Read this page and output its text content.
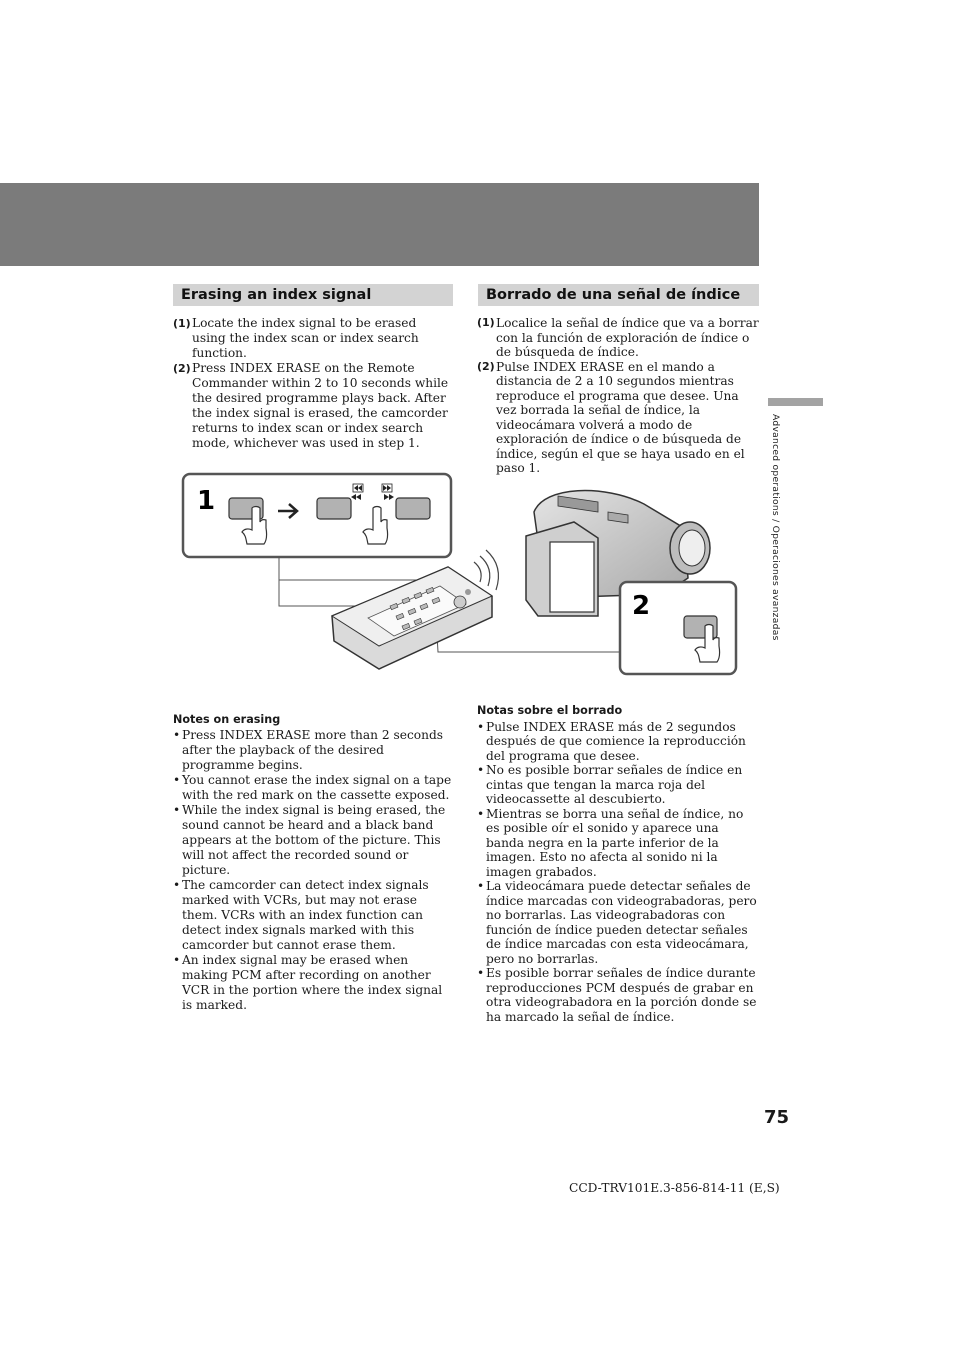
Advanced operations / Operaciones avanzadas
Erasing an index signal

(1) Locate the index signal to be erased using the index scan or index search function.

(2) Press INDEX ERASE on the Remote Commander within 2 to 10 seconds while the desired programme plays back. After the index signal is erased, the camcorder returns to index scan or index search mode, whichever was used in step 1.

Borrado de una señal de índice

(1) Localice la señal de índice que va a borrar con la función de exploración de índice o de búsqueda de índice.

(2) Pulse INDEX ERASE en el mando a distancia de 2 a 10 segundos mientras reproduce el programa que desee. Una vez borrada la señal de índice, la videocámara volverá a modo de exploración de índice o de búsqueda de índice, según el que se haya usado en el paso 1.

1
2

Notes on erasing

• Press INDEX ERASE more than 2 seconds after the playback of the desired programme begins.
• You cannot erase the index signal on a tape with the red mark on the cassette exposed.
• While the index signal is being erased, the sound cannot be heard and a black band appears at the bottom of the picture. This will not affect the recorded sound or picture.
• The camcorder can detect index signals marked with VCRs, but may not erase them. VCRs with an index function can detect index signals marked with this camcorder but cannot erase them.
• An index signal may be erased when making PCM after recording on another VCR in the portion where the index signal is marked.

Notas sobre el borrado

• Pulse INDEX ERASE más de 2 segundos después de que comience la reproducción del programa que desee.
• No es posible borrar señales de índice en cintas que tengan la marca roja del videocassette al descubierto.
• Mientras se borra una señal de índice, no es posible oír el sonido y aparece una banda negra en la parte inferior de la imagen. Esto no afecta al sonido ni la imagen grabados.
• La videocámara puede detectar señales de índice marcadas con videograbadoras, pero no borrarlas. Las videograbadoras con función de índice pueden detectar señales de índice marcadas con esta videocámara, pero no borrarlas.
• Es posible borrar señales de índice durante reproducciones PCM después de grabar en otra videograbadora en la porción donde se ha marcado la señal de índice.
75
CCD-TRV101E.3-856-814-11 (E,S)
